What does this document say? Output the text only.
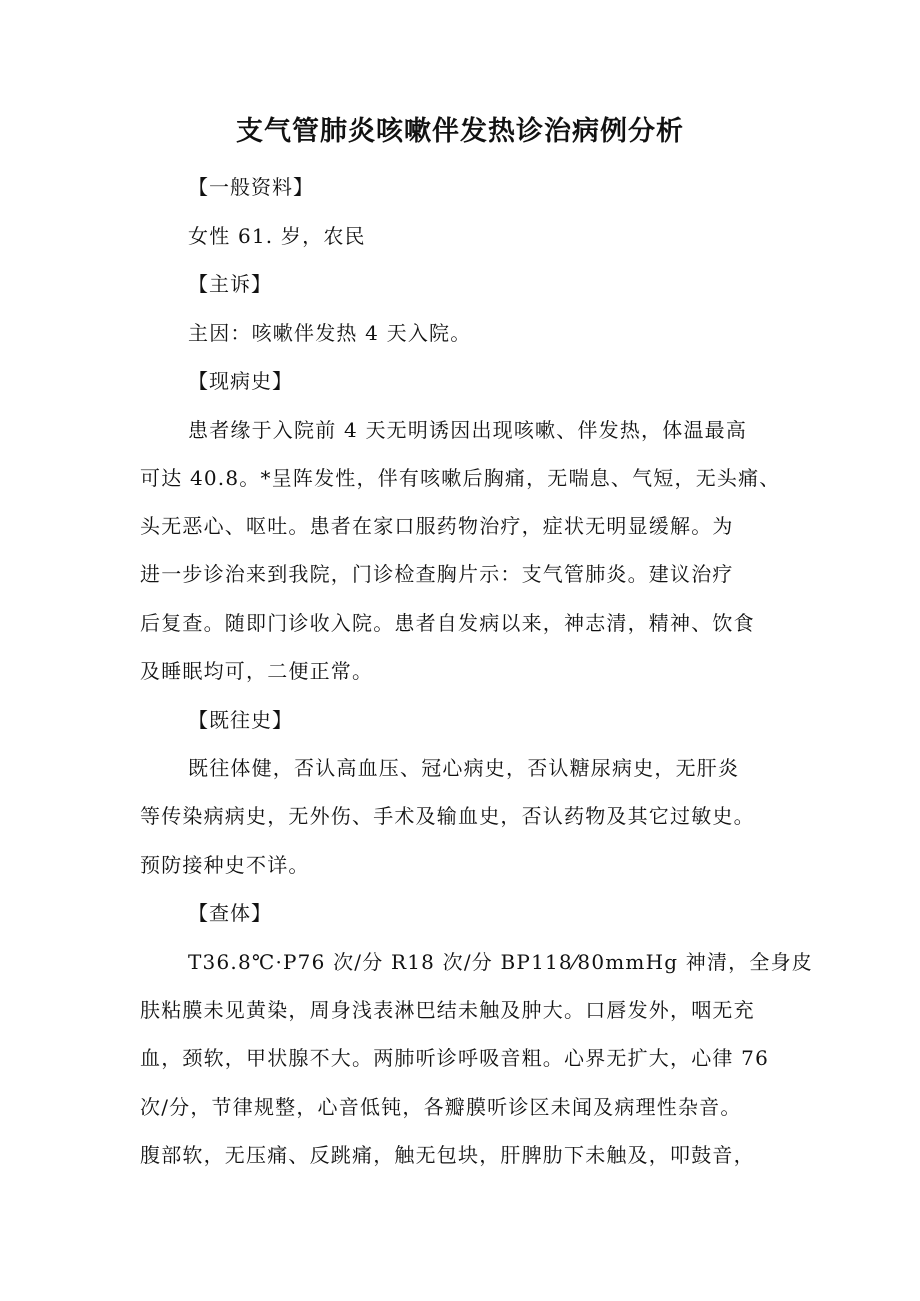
支气管肺炎咳嗽伴发热诊治病例分析
【一般资料】
女性 61. 岁，农民
【主诉】
主因：咳嗽伴发热 4 天入院。
【现病史】
患者缘于入院前 4 天无明诱因出现咳嗽、伴发热，体温最高
可达 40.8。*呈阵发性，伴有咳嗽后胸痛，无喘息、气短，无头痛、
头无恶心、呕吐。患者在家口服药物治疗，症状无明显缓解。为
进一步诊治来到我院，门诊检查胸片示：支气管肺炎。建议治疗
后复查。随即门诊收入院。患者自发病以来，神志清，精神、饮食
及睡眠均可，二便正常。
【既往史】
既往体健，否认高血压、冠心病史，否认糖尿病史，无肝炎
等传染病病史，无外伤、手术及输血史，否认药物及其它过敏史。
预防接种史不详。
【查体】
T36.8℃·P76 次/分 R18 次/分 BP118⁄80mmHg 神清，全身皮
肤粘膜未见黄染，周身浅表淋巴结未触及肿大。口唇发外，咽无充
血，颈软，甲状腺不大。两肺听诊呼吸音粗。心界无扩大，心律 76
次/分，节律规整，心音低钝，各瓣膜听诊区未闻及病理性杂音。
腹部软，无压痛、反跳痛，触无包块，肝脾肋下未触及，叩鼓音，
